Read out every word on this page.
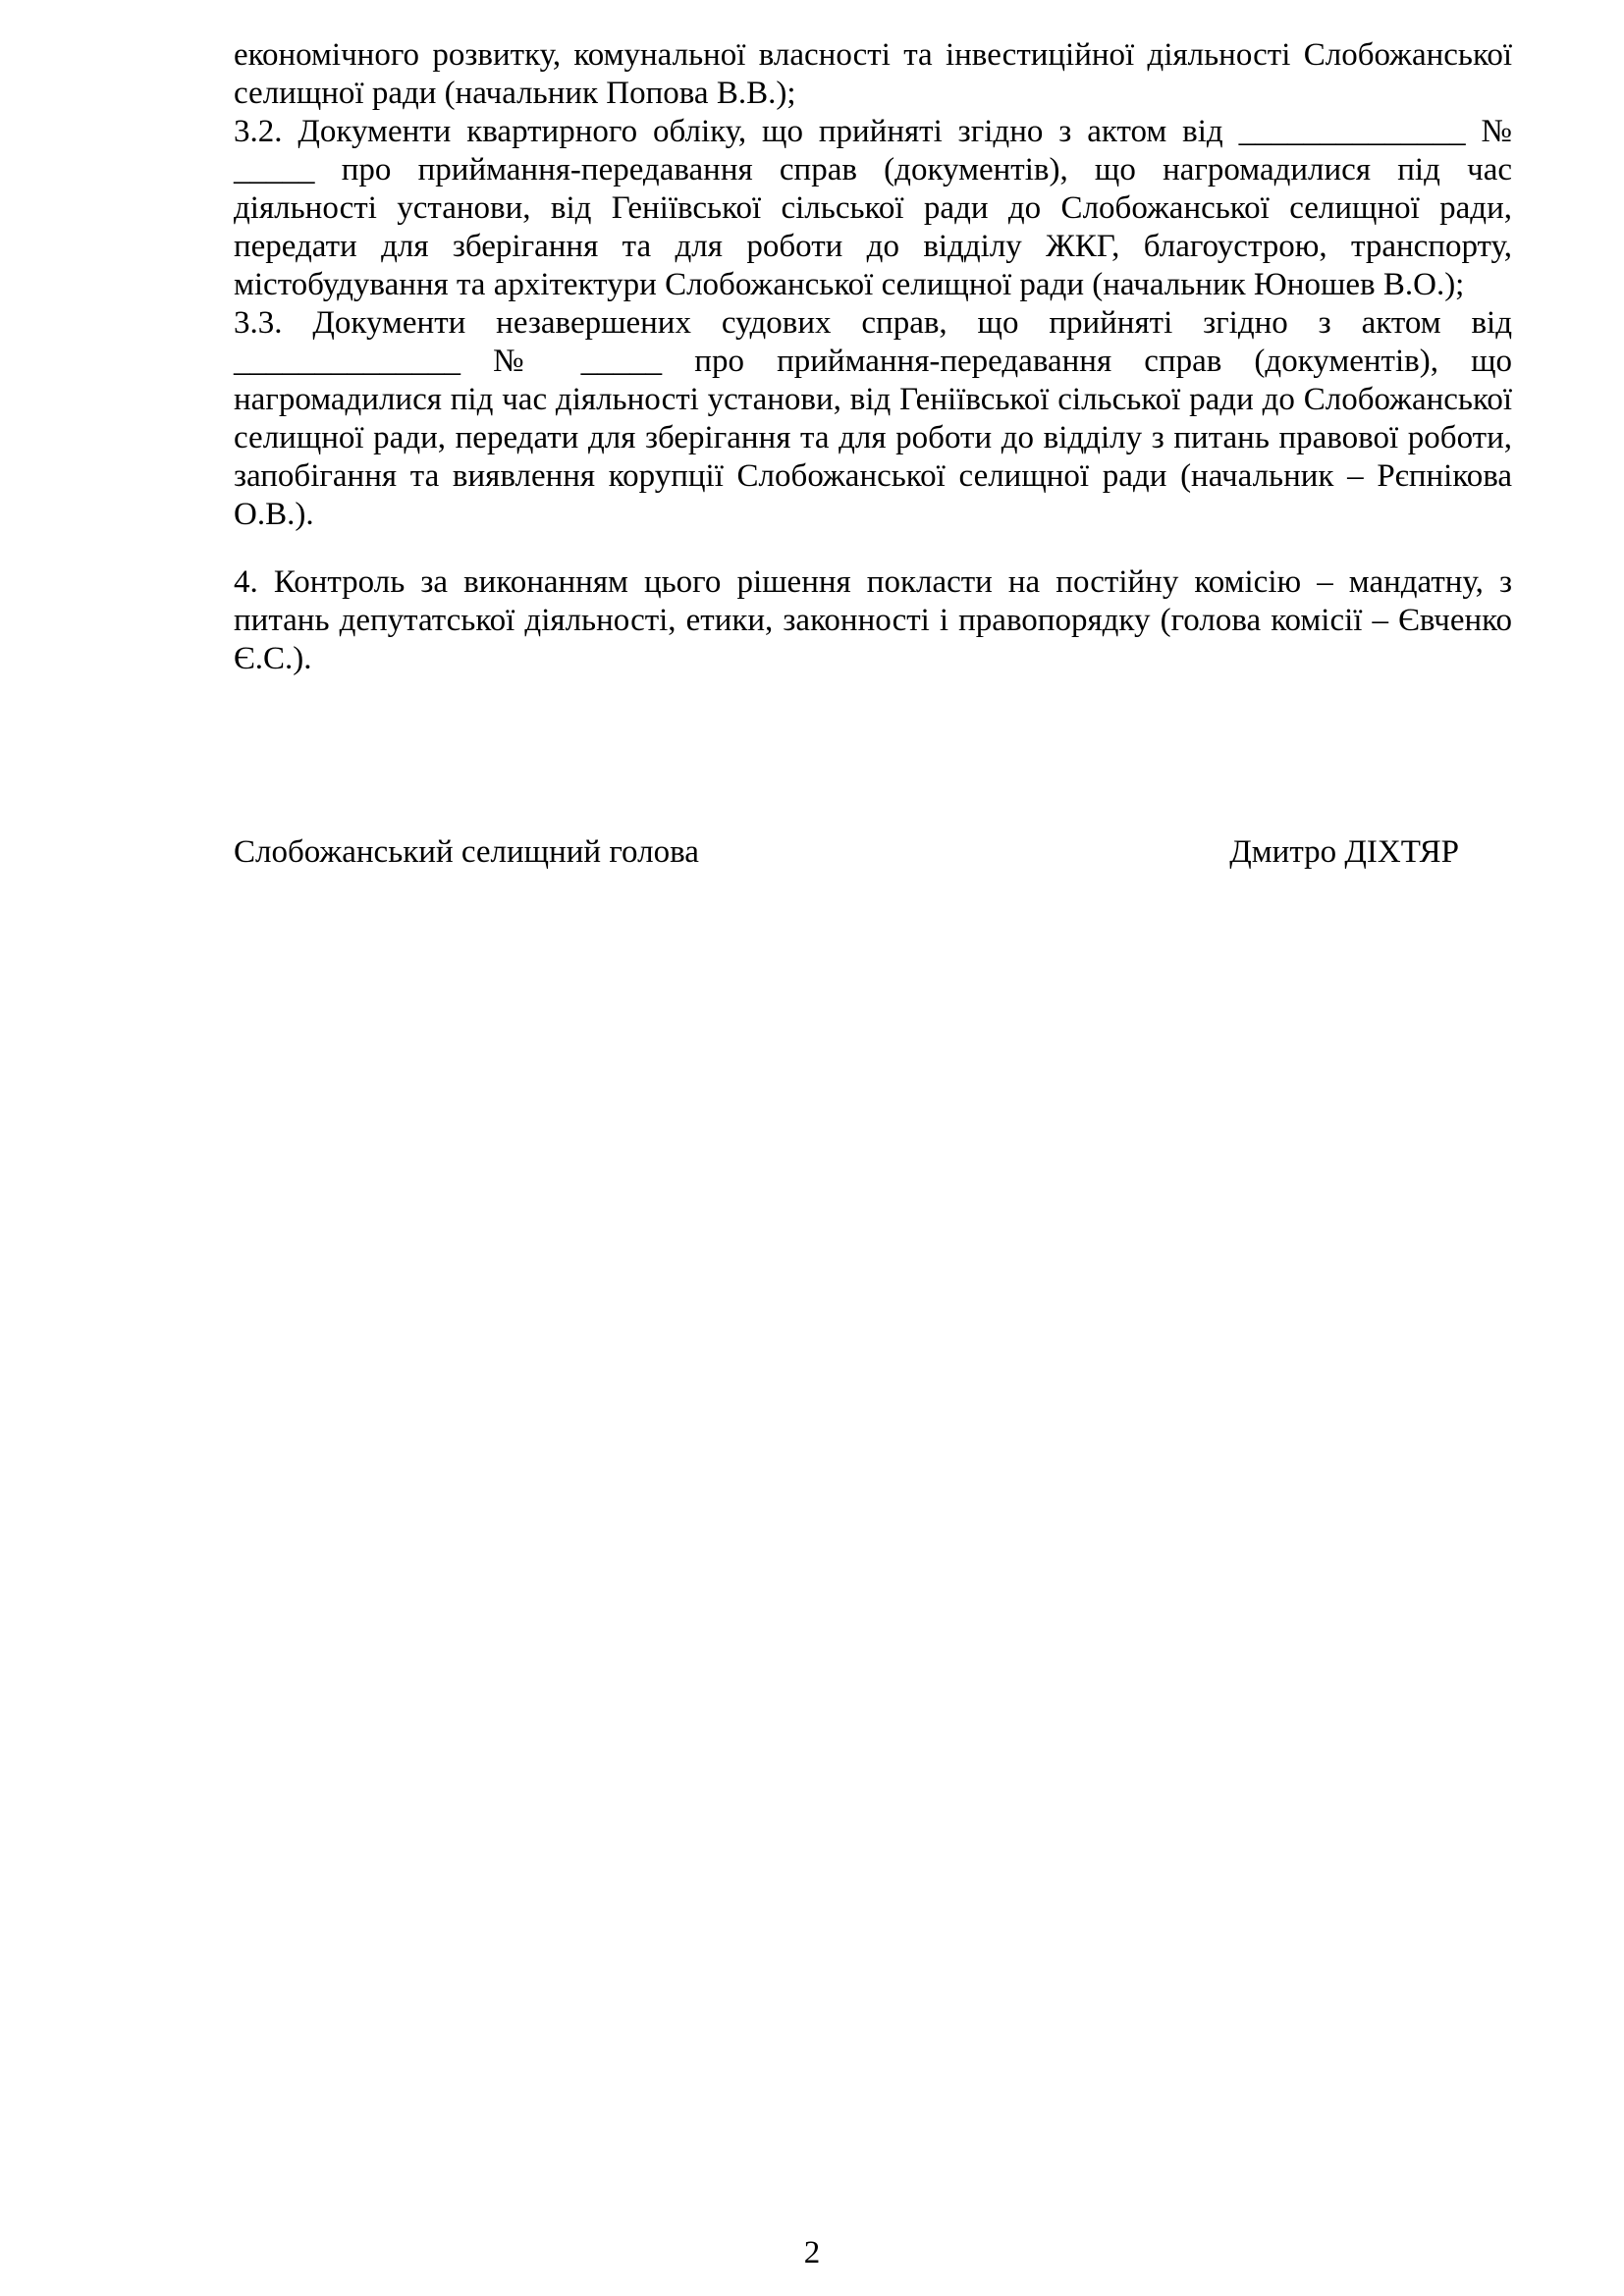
економічного розвитку, комунальної власності та інвестиційної діяльності Слобожанської селищної ради (начальник Попова В.В.);

3.2. Документи квартирного обліку, що прийняті згідно з актом від ______________ № _____ про приймання-передавання справ (документів), що нагромадилися під час діяльності установи, від Геніївської сільської ради до Слобожанської селищної ради, передати для зберігання та для роботи до відділу ЖКГ, благоустрою, транспорту, містобудування та архітектури Слобожанської селищної ради (начальник Юношев В.О.);

3.3. Документи незавершених судових справ, що прийняті згідно з актом від ______________ № _____ про приймання-передавання справ (документів), що нагромадилися під час діяльності установи, від Геніївської сільської ради до Слобожанської селищної ради, передати для зберігання та для роботи до відділу з питань правової роботи, запобігання та виявлення корупції Слобожанської селищної ради (начальник – Рєпнікова О.В.).

4. Контроль за виконанням цього рішення покласти на постійну комісію – мандатну, з питань депутатської діяльності, етики, законності і правопорядку (голова комісії – Євченко Є.С.).

Слобожанський селищний голова	Дмитро ДІХТЯР
2
